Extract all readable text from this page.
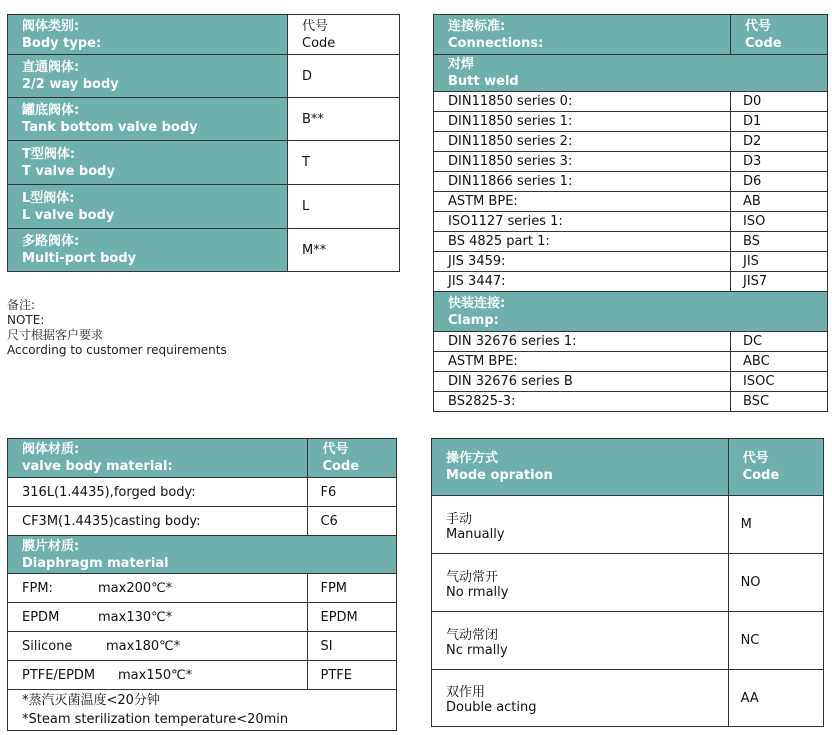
阀体类别:
Body type:	代号
Code

直通阀体:
2/2 way body	D

罐底阀体:
Tank bottom valve body	B**

T型阀体:
T valve body	T

L型阀体:
L valve body	L

多路阀体:
Multi-port body	M**
备注:
NOTE:
尺寸根据客户要求
According to customer requirements
连接标准:
Connections:	代号
Code

对焊
Butt weld	

DIN11850 series 0:	D0
DIN11850 series 1:	D1
DIN11850 series 2:	D2
DIN11850 series 3:	D3
DIN11866 series 1:	D6
ASTM BPE:	AB
ISO1127 series 1:	ISO
BS 4825 part 1:	BS
JIS 3459:	JIS
JIS 3447:	JIS7

快装连接:
Clamp:	

DIN 32676 series 1:	DC
ASTM BPE:	ABC
DIN 32676 series B	ISOC
BS2825-3:	BSC
阀体材质:
valve body material:	代号
Code

316L(1.4435),forged body:	F6
CF3M(1.4435)casting body:	C6

膜片材质:
Diaphragm material	

FPM: max200℃*	FPM
EPDM max130℃*	EPDM
Silicone max180℃*	SI
PTFE/EPDM max150℃*	PTFE

*蒸汽灭菌温度<20分钟
*Steam sterilization temperature<20min	
操作方式
Mode opration	代号
Code

手动
Manually	M

气动常开
No rmally	NO

气动常闭
Nc rmally	NC

双作用
Double acting	AA
